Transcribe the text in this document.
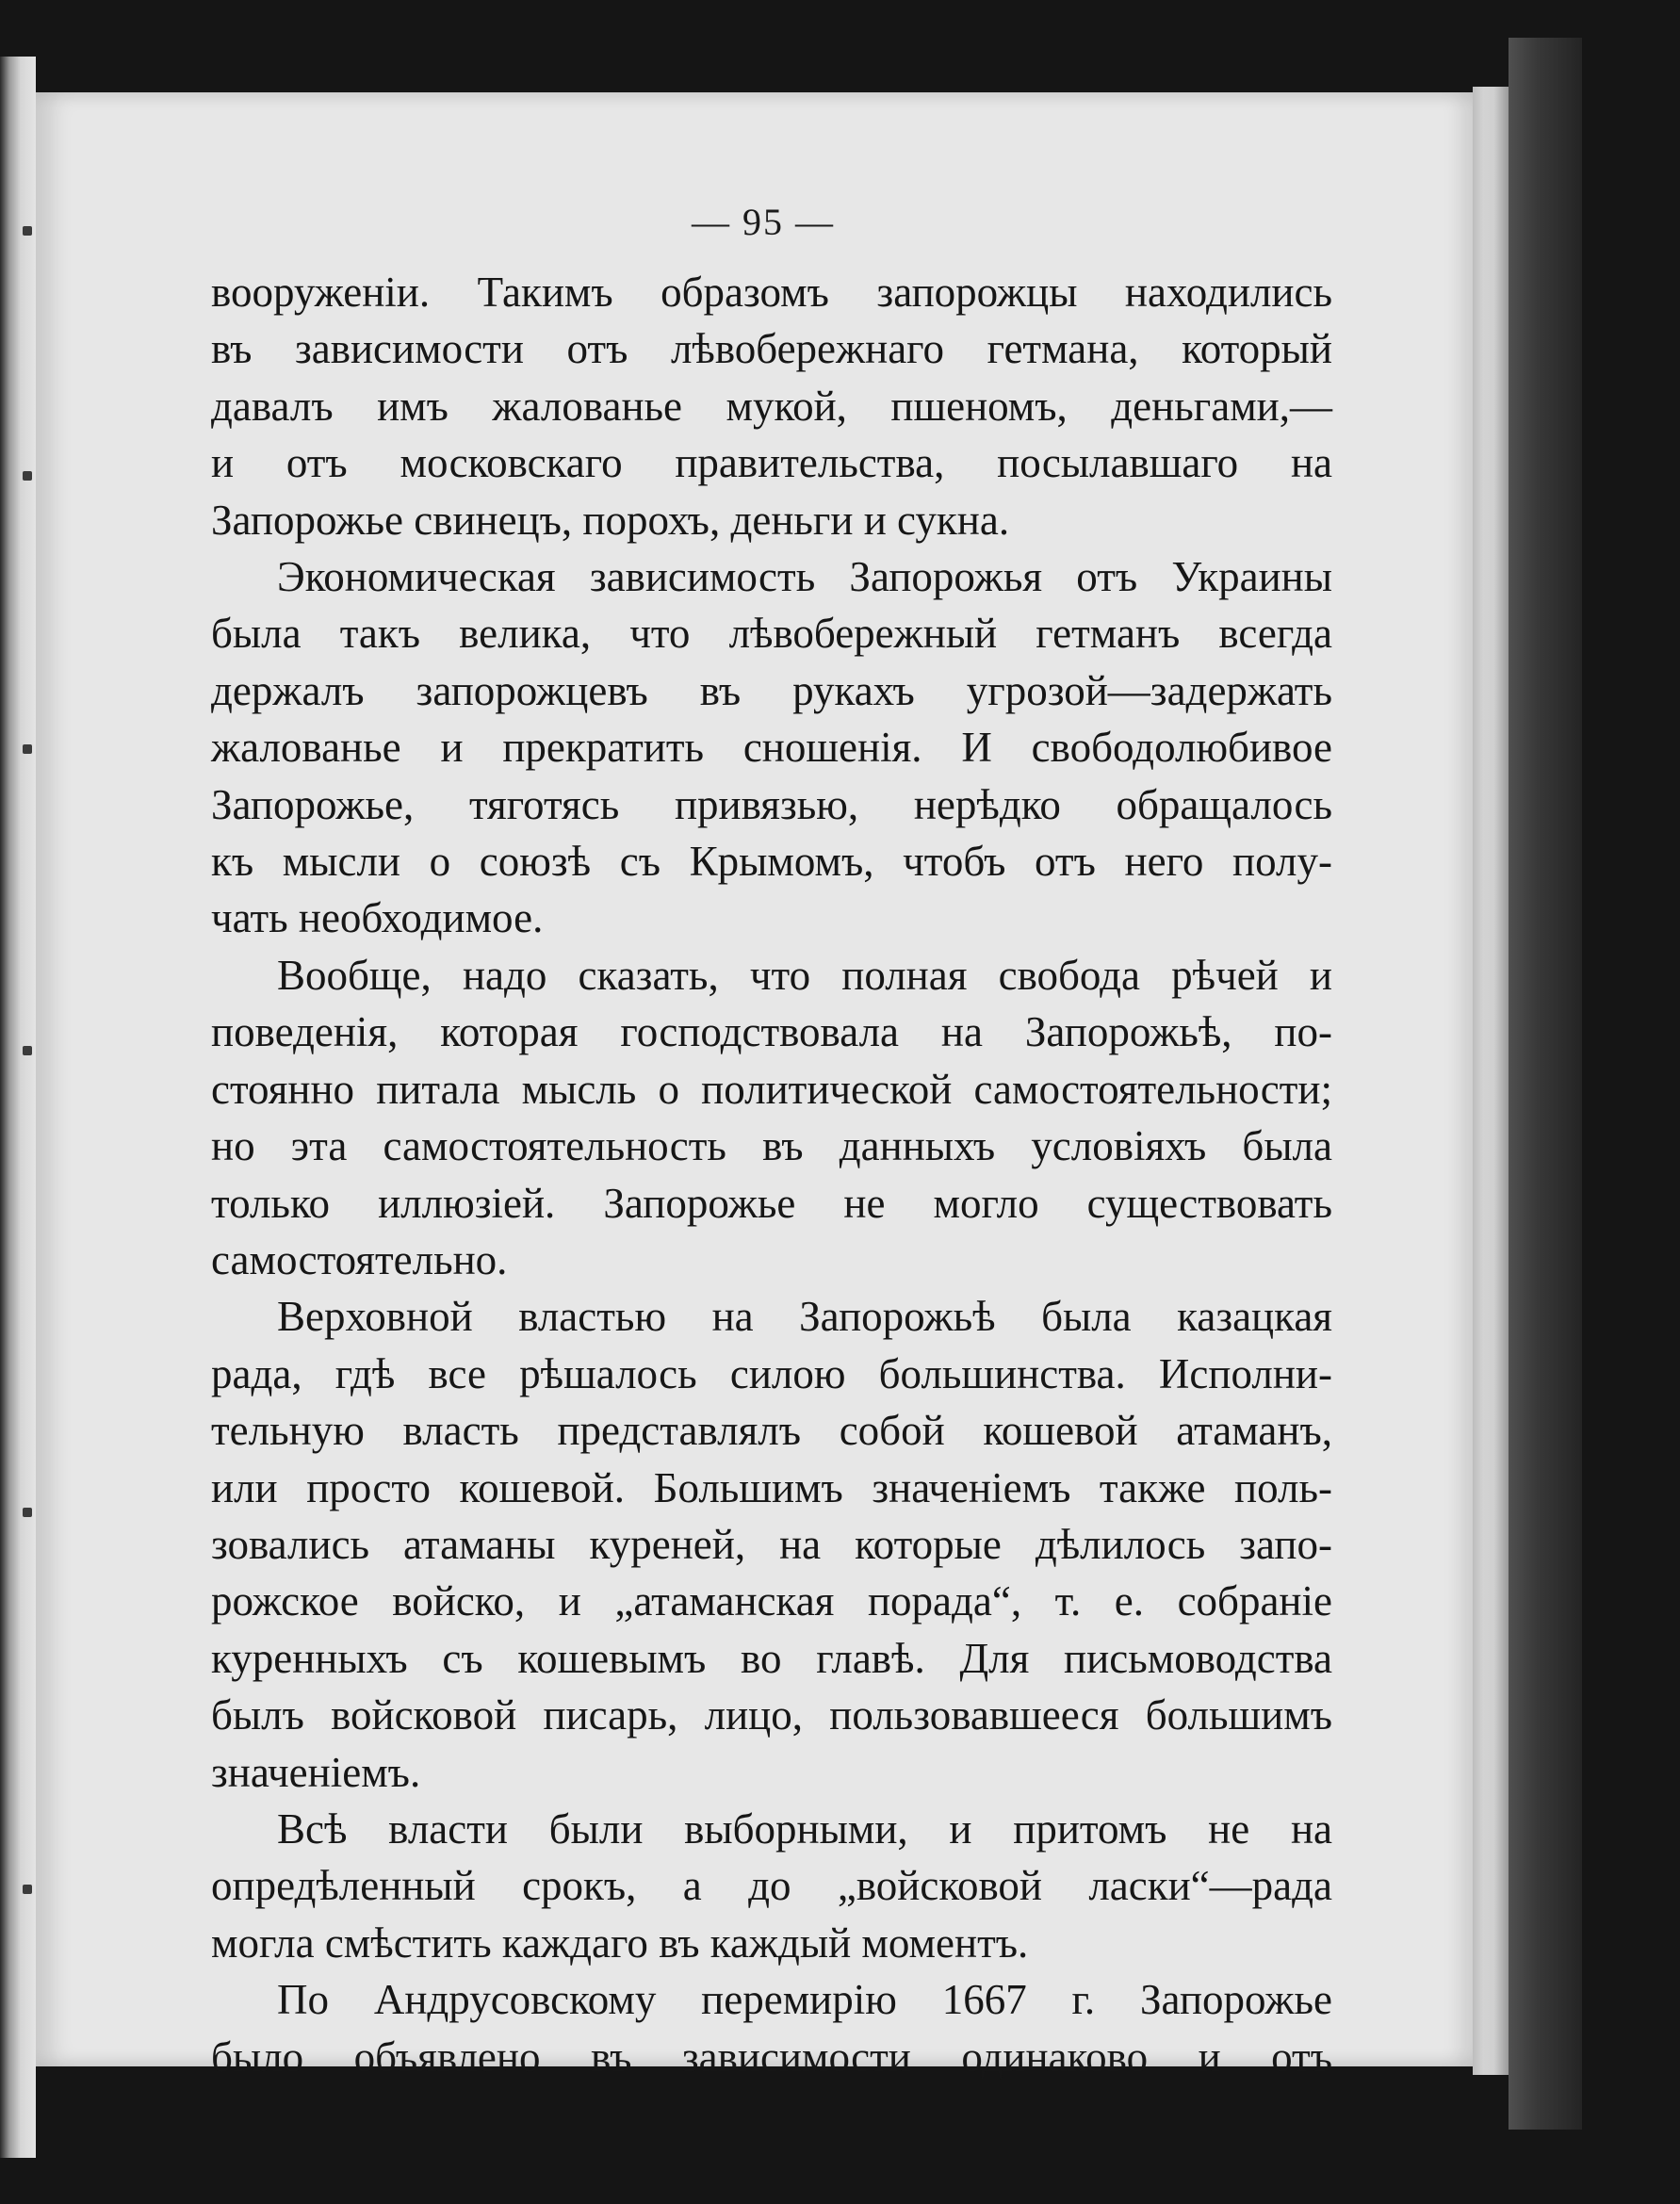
— 95 —
вооруженiи. Такимъ образомъ запорожцы находились
въ зависимости отъ лѣвобережнаго гетмана, который
давалъ имъ жалованье мукой, пшеномъ, деньгами,—
и отъ московскаго правительства, посылавшаго на
Запорожье свинецъ, порохъ, деньги и сукна.
Экономическая зависимость Запорожья отъ Украины
была такъ велика, что лѣвобережный гетманъ всегда
держалъ запорожцевъ въ рукахъ угрозой—задержать
жалованье и прекратить сношенiя. И свободолюбивое
Запорожье, тяготясь привязью, нерѣдко обращалось
къ мысли о союзѣ съ Крымомъ, чтобъ отъ него полу-
чать необходимое.
Вообще, надо сказать, что полная свобода рѣчей и
поведенiя, которая господствовала на Запорожьѣ, по-
стоянно питала мысль о политической самостоятельности;
но эта самостоятельность въ данныхъ условiяхъ была
только иллюзiей. Запорожье не могло существовать
самостоятельно.
Верховной властью на Запорожьѣ была казацкая
рада, гдѣ все рѣшалось силою большинства. Исполни-
тельную власть представлялъ собой кошевой атаманъ,
или просто кошевой. Большимъ значенiемъ также поль-
зовались атаманы куреней, на которые дѣлилось запо-
рожское войско, и „атаманская порада“, т. е. собранiе
куренныхъ съ кошевымъ во главѣ. Для письмоводства
былъ войсковой писарь, лицо, пользовавшееся большимъ
значенiемъ.
Всѣ власти были выборными, и притомъ не на
опредѣленный срокъ, а до „войсковой ласки“—рада
могла смѣстить каждаго въ каждый моментъ.
По Андрусовскому перемирiю 1667 г. Запорожье
было объявлено въ зависимости одинаково и отъ
